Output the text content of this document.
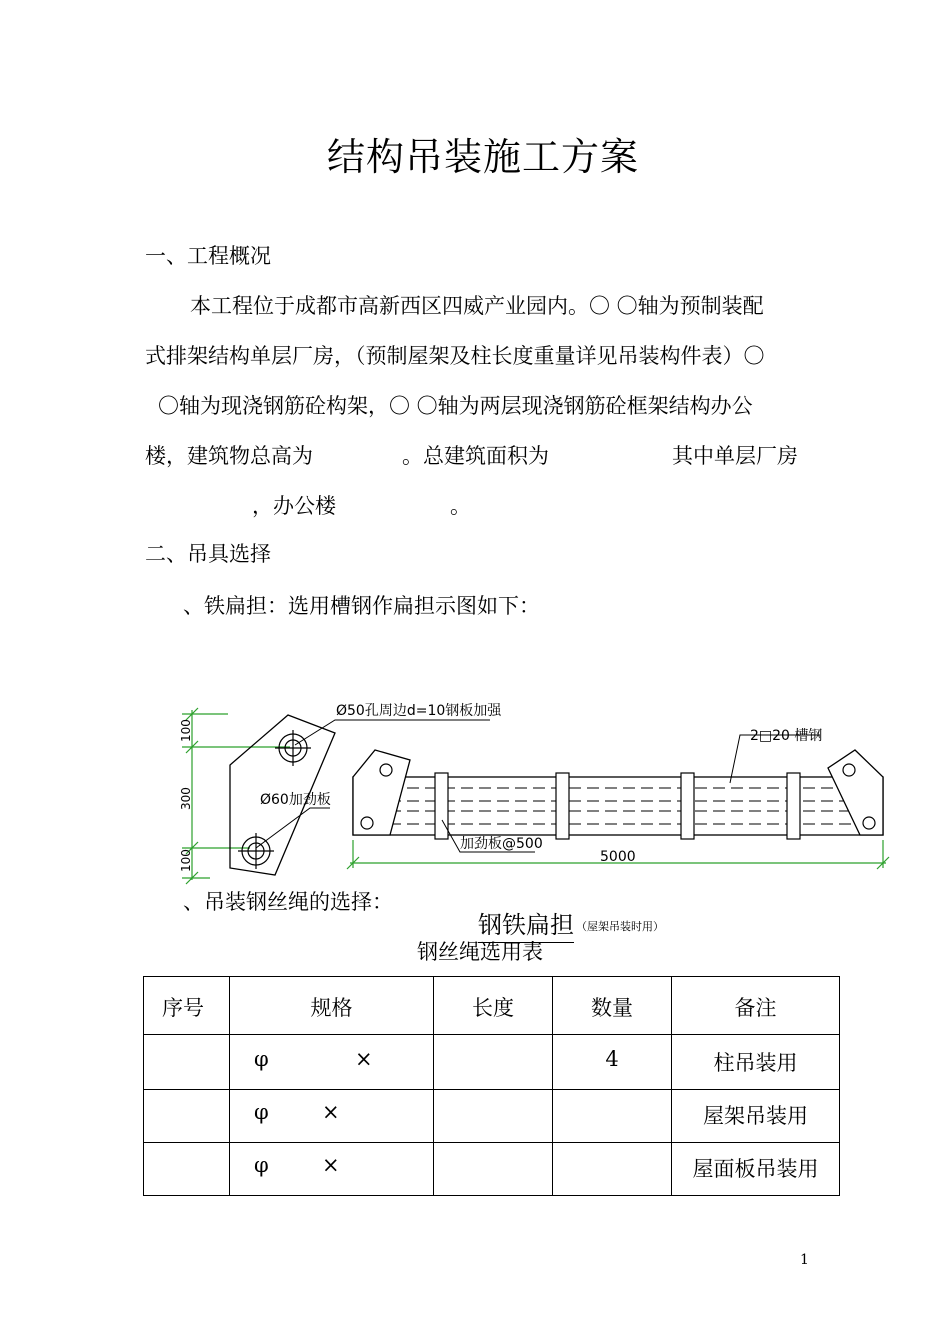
结构吊装施工方案
一、工程概况
本工程位于成都市高新西区四威产业园内。〇 〇轴为预制装配
式排架结构单层厂房，（预制屋架及柱长度重量详见吊装构件表）〇
〇轴为现浇钢筋砼构架，〇 〇轴为两层现浇钢筋砼框架结构办公
楼，建筑物总高为	。总建筑面积为	其中单层厂房
，办公楼	。
二、吊具选择
、铁扁担：选用槽钢作扁担示图如下：
100
300
100
Ø50孔周边d=10钢板加强
Ø60加劲板
2□20 槽钢
加劲板@500
5000
、吊装钢丝绳的选择：
钢铁扁担 （屋架吊装时用）
钢丝绳选用表
序号	规格	长度	数量	备注

	φ ×		4	柱吊装用

	φ ×			屋架吊装用

	φ ×			屋面板吊装用
1
